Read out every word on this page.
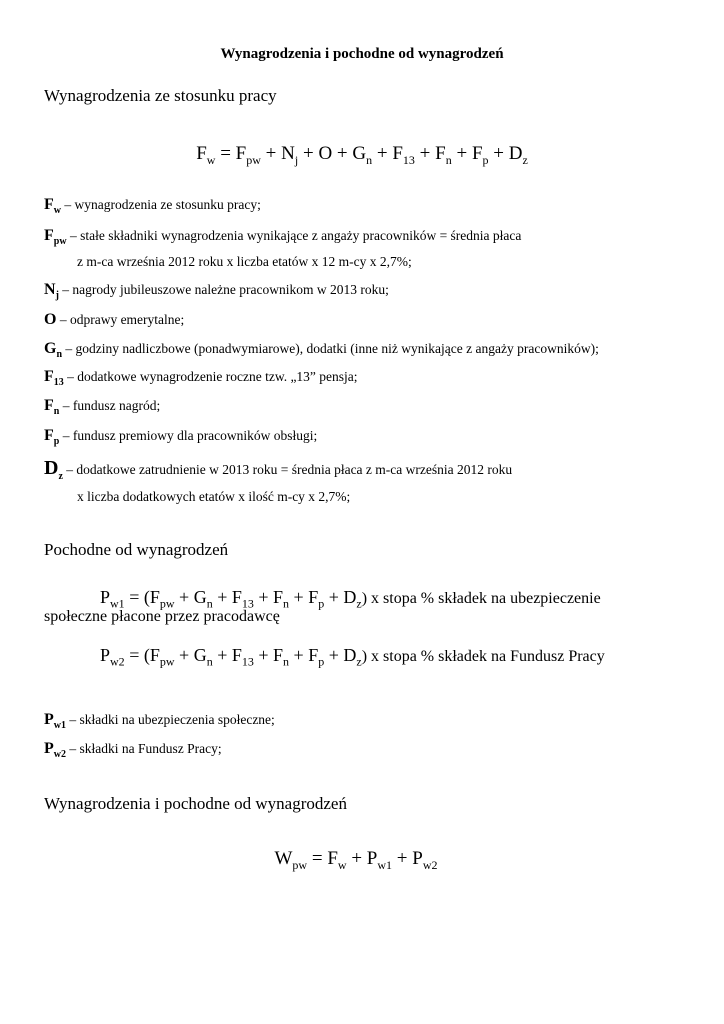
Wynagrodzenia i pochodne od wynagrodzeń
Wynagrodzenia ze stosunku pracy
$F_w = F_{pw} + N_j + O + G_n + F_{13} + F_n + F_p + D_z$
$F_w$ – wynagrodzenia ze stosunku pracy;
$F_{pw}$ – stałe składniki wynagrodzenia wynikające z angaży pracowników = średnia płaca
z m-ca września 2012 roku x liczba etatów x 12 m-cy x 2,7%;
$N_j$ – nagrody jubileuszowe należne pracownikom w 2013 roku;
O – odprawy emerytalne;
$G_n$ – godziny nadliczbowe (ponadwymiarowe), dodatki (inne niż wynikające z angaży pracowników);
$F_{13}$ – dodatkowe wynagrodzenie roczne tzw. „13” pensja;
$F_n$ – fundusz nagród;
$F_p$ – fundusz premiowy dla pracowników obsługi;
$D_z$ – dodatkowe zatrudnienie w 2013 roku = średnia płaca z m-ca września 2012 roku
x liczba dodatkowych etatów x ilość m-cy x 2,7%;
Pochodne od wynagrodzeń
$P_{w1} = (F_{pw} + G_n + F_{13} + F_n + F_p + D_z)$ x stopa % składek na ubezpieczenie
społeczne płacone przez pracodawcę
$P_{w2} = (F_{pw} + G_n + F_{13} + F_n + F_p + D_z)$ x stopa % składek na Fundusz Pracy
$P_{w1}$ – składki na ubezpieczenia społeczne;
$P_{w2}$ – składki na Fundusz Pracy;
Wynagrodzenia i pochodne od wynagrodzeń
$W_{pw} = F_w + P_{w1} + P_{w2}$
